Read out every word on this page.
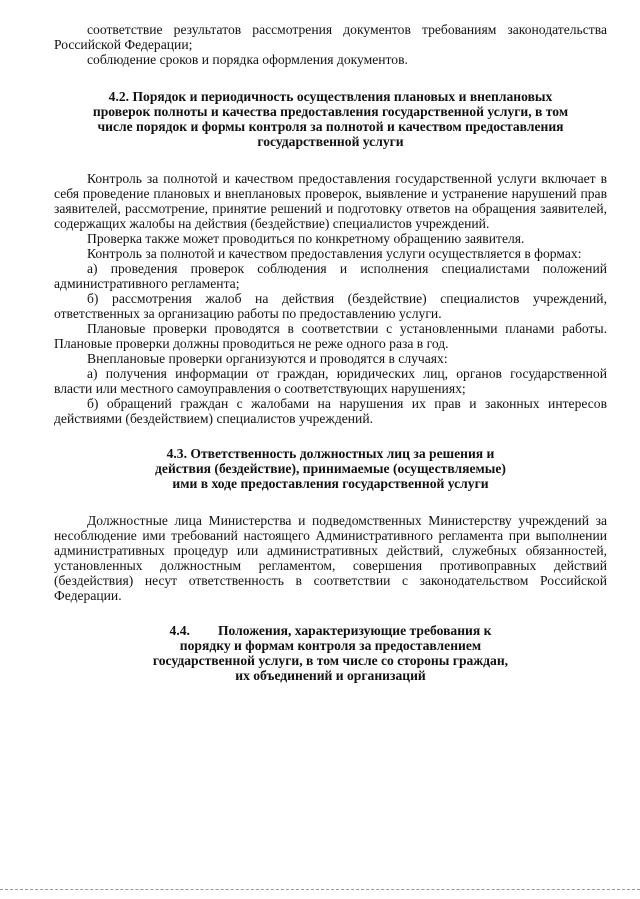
соответствие результатов рассмотрения документов требованиям законодательства Российской Федерации;

соблюдение сроков и порядка оформления документов.

4.2. Порядок и периодичность осуществления плановых и внеплановых
проверок полноты и качества предоставления государственной услуги, в том
числе порядок и формы контроля за полнотой и качеством предоставления
государственной услуги

Контроль за полнотой и качеством предоставления государственной услуги включает в себя проведение плановых и внеплановых проверок, выявление и устранение нарушений прав заявителей, рассмотрение, принятие решений и подготовку ответов на обращения заявителей, содержащих жалобы на действия (бездействие) специалистов учреждений.

Проверка также может проводиться по конкретному обращению заявителя.

Контроль за полнотой и качеством предоставления услуги осуществляется в формах:

а) проведения проверок соблюдения и исполнения специалистами положений административного регламента;

б) рассмотрения жалоб на действия (бездействие) специалистов учреждений, ответственных за организацию работы по предоставлению услуги.

Плановые проверки проводятся в соответствии с установленными планами работы. Плановые проверки должны проводиться не реже одного раза в год.

Внеплановые проверки организуются и проводятся в случаях:

а) получения информации от граждан, юридических лиц, органов государственной власти или местного самоуправления о соответствующих нарушениях;

б) обращений граждан с жалобами на нарушения их прав и законных интересов действиями (бездействием) специалистов учреждений.

4.3. Ответственность должностных лиц за решения и
действия (бездействие), принимаемые (осуществляемые)
ими в ходе предоставления государственной услуги

Должностные лица Министерства и подведомственных Министерству учреждений за несоблюдение ими требований настоящего Административного регламента при выполнении административных процедур или административных действий, служебных обязанностей, установленных должностным регламентом, совершения противоправных действий (бездействия) несут ответственность в соответствии с законодательством Российской Федерации.

4.4. Положения, характеризующие требования к
порядку и формам контроля за предоставлением
государственной услуги, в том числе со стороны граждан,
их объединений и организаций
